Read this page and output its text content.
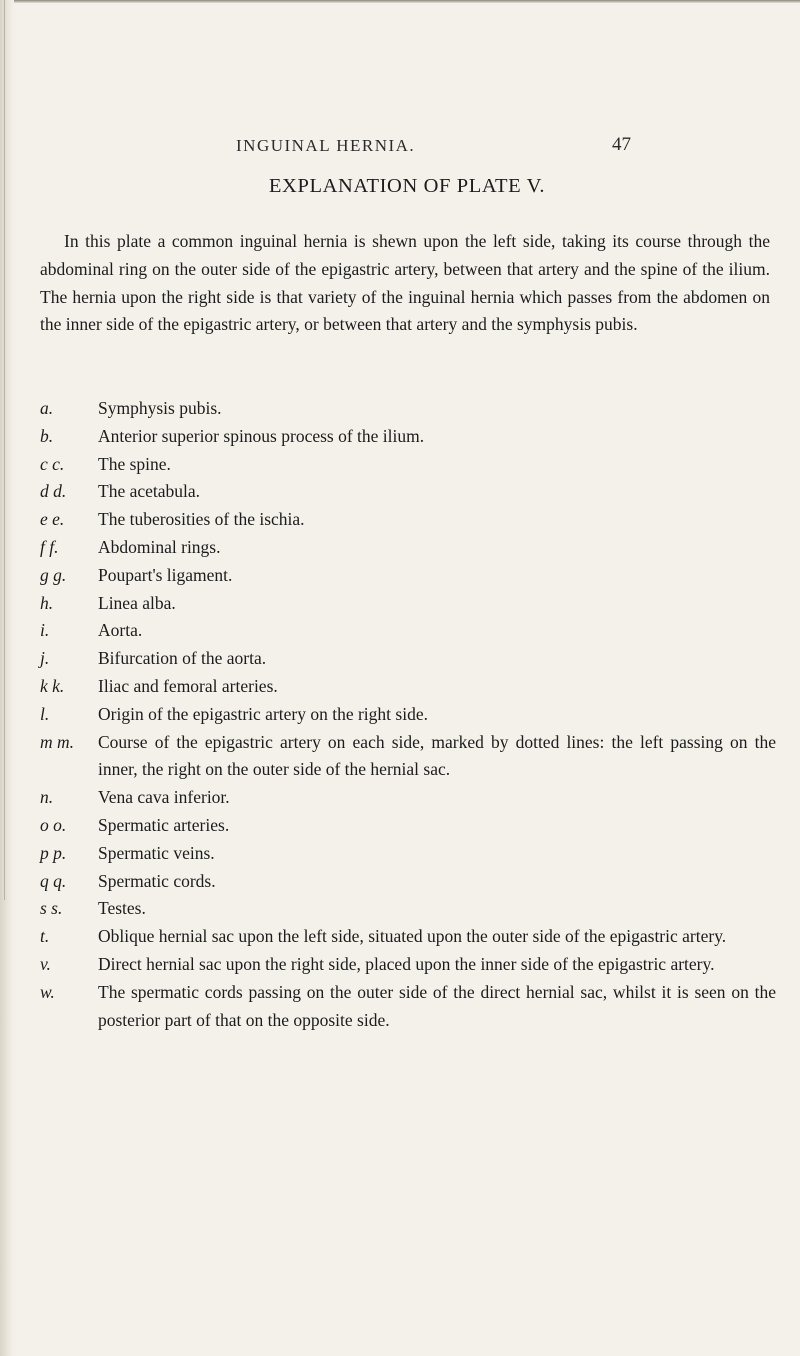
INGUINAL HERNIA.	47
EXPLANATION OF PLATE V.
In this plate a common inguinal hernia is shewn upon the left side, taking its course through the abdominal ring on the outer side of the epigastric artery, between that artery and the spine of the ilium. The hernia upon the right side is that variety of the inguinal hernia which passes from the abdomen on the inner side of the epigastric artery, or between that artery and the symphysis pubis.
a.	Symphysis pubis.
b.	Anterior superior spinous process of the ilium.
c c.	The spine.
d d.	The acetabula.
e e.	The tuberosities of the ischia.
f f.	Abdominal rings.
g g.	Poupart's ligament.
h.	Linea alba.
i.	Aorta.
j.	Bifurcation of the aorta.
k k.	Iliac and femoral arteries.
l.	Origin of the epigastric artery on the right side.
m m.	Course of the epigastric artery on each side, marked by dotted lines: the left passing on the inner, the right on the outer side of the hernial sac.
n.	Vena cava inferior.
o o.	Spermatic arteries.
p p.	Spermatic veins.
q q.	Spermatic cords.
s s.	Testes.
t.	Oblique hernial sac upon the left side, situated upon the outer side of the epigastric artery.
v.	Direct hernial sac upon the right side, placed upon the inner side of the epigastric artery.
w.	The spermatic cords passing on the outer side of the direct hernial sac, whilst it is seen on the posterior part of that on the opposite side.
